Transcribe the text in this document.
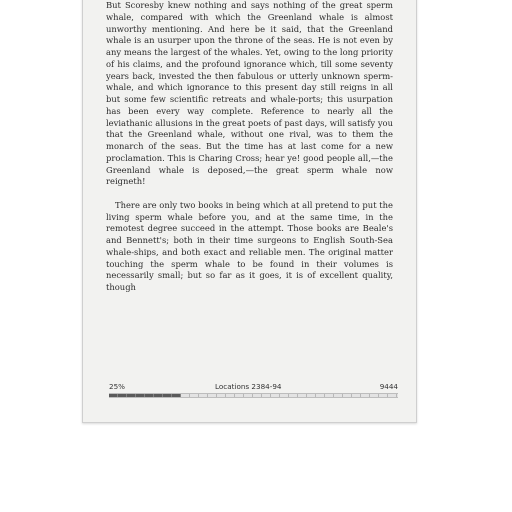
But Scoresby knew nothing and says nothing of the great sperm whale, compared with which the Greenland whale is almost unworthy mentioning. And here be it said, that the Greenland whale is an usurper upon the throne of the seas. He is not even by any means the largest of the whales. Yet, owing to the long priority of his claims, and the profound ignorance which, till some seventy years back, invested the then fabulous or utterly unknown sperm-whale, and which ignorance to this present day still reigns in all but some few scientific retreats and whale-ports; this usurpation has been every way complete. Reference to nearly all the leviathanic allusions in the great poets of past days, will satisfy you that the Greenland whale, without one rival, was to them the monarch of the seas. But the time has at last come for a new proclamation. This is Charing Cross; hear ye! good people all,—the Greenland whale is deposed,—the great sperm whale now reigneth!

There are only two books in being which at all pretend to put the living sperm whale before you, and at the same time, in the remotest degree succeed in the attempt. Those books are Beale's and Bennett's; both in their time surgeons to English South-Sea whale-ships, and both exact and reliable men. The original matter touching the sperm whale to be found in their volumes is necessarily small; but so far as it goes, it is of excellent quality, though

25%	Locations 2384-94	9444
